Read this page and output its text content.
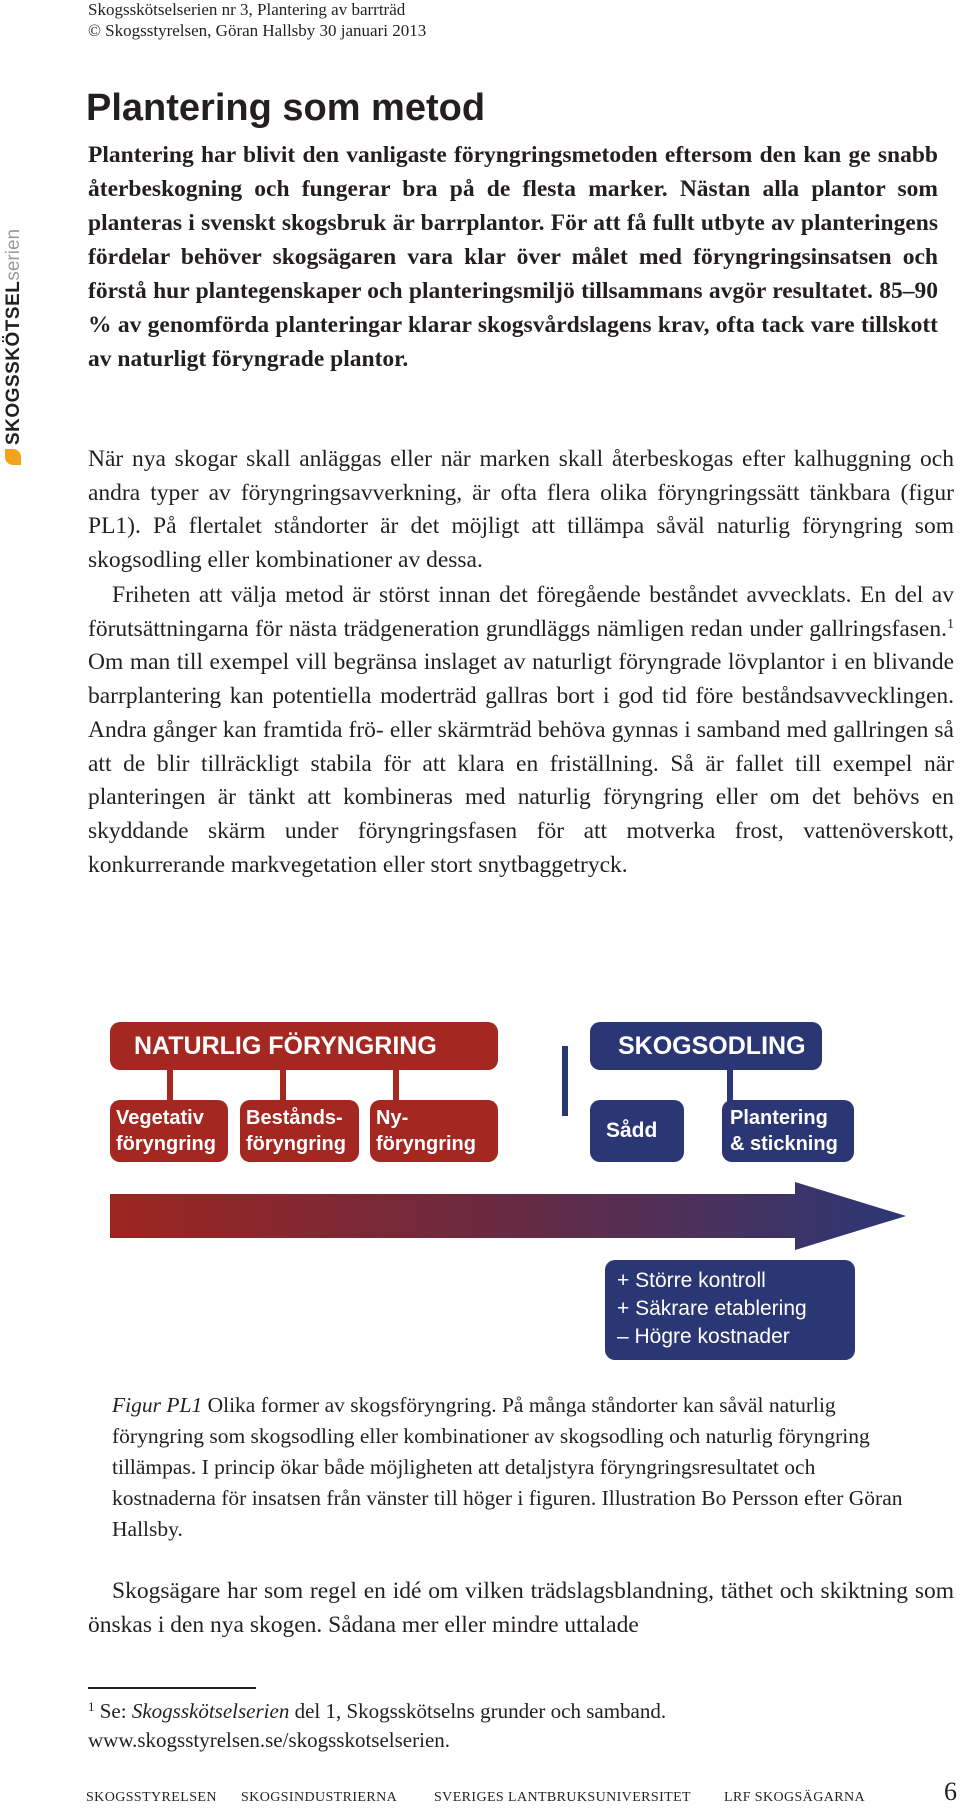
Skogsskötselserien nr 3, Plantering av barrträd
© Skogsstyrelsen, Göran Hallsby 30 januari 2013
SKOGSSKÖTSELserien
Plantering som metod

Plantering har blivit den vanligaste föryngringsmetoden eftersom den kan ge snabb återbeskogning och fungerar bra på de flesta marker. Nästan alla plantor som planteras i svenskt skogsbruk är barrplantor. För att få fullt utbyte av planteringens fördelar behöver skogsägaren vara klar över målet med föryngringsinsatsen och förstå hur plantegenskaper och planteringsmiljö tillsammans avgör resultatet. 85–90 % av genomförda planteringar klarar skogsvårdslagens krav, ofta tack vare tillskott av naturligt föryngrade plantor.

När nya skogar skall anläggas eller när marken skall återbeskogas efter kalhuggning och andra typer av föryngringsavverkning, är ofta flera olika föryngringssätt tänkbara (figur PL1). På flertalet ståndorter är det möjligt att tillämpa såväl naturlig föryngring som skogsodling eller kombinationer av dessa.

Friheten att välja metod är störst innan det föregående beståndet avvecklats. En del av förutsättningarna för nästa trädgeneration grundläggs nämligen redan under gallringsfasen.$^1$ Om man till exempel vill begränsa inslaget av naturligt föryngrade lövplantor i en blivande barrplantering kan potentiella moderträd gallras bort i god tid före beståndsavvecklingen. Andra gånger kan framtida frö- eller skärmträd behöva gynnas i samband med gallringen så att de blir tillräckligt stabila för att klara en friställning. Så är fallet till exempel när planteringen är tänkt att kombineras med naturlig föryngring eller om det behövs en skyddande skärm under föryngringsfasen för att motverka frost, vattenöverskott, konkurrerande markvegetation eller stort snytbaggetryck.

NATURLIG FÖRYNGRING	SKOGSODLING
Vegetativ
föryngring
Bestånds-
föryngring
Ny-
föryngring
Sådd
Plantering
& stickning
+ Större kontroll
+ Säkrare etablering
– Högre kostnader

Figur PL1 Olika former av skogsföryngring. På många ståndorter kan såväl naturlig föryngring som skogsodling eller kombinationer av skogsodling och naturlig föryngring tillämpas. I princip ökar både möjligheten att detaljstyra föryngringsresultatet och kostnaderna för insatsen från vänster till höger i figuren. Illustration Bo Persson efter Göran Hallsby.

Skogsägare har som regel en idé om vilken trädslagsblandning, täthet och skiktning som önskas i den nya skogen. Sådana mer eller mindre uttalade

$^1$ Se: Skogsskötselserien del 1, Skogsskötselns grunder och samband. www.skogsstyrelsen.se/skogsskotselserien.

SKOGSSTYRELSEN SKOGSINDUSTRIERNA	SVERIGES LANTBRUKSUNIVERSITET LRF SKOGSÄGARNA	6
